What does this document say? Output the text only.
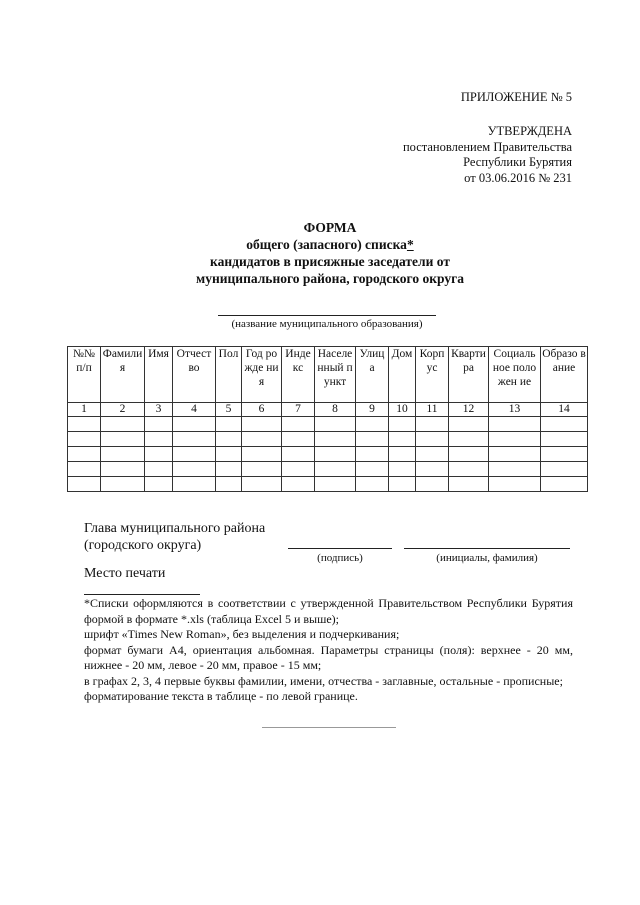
ПРИЛОЖЕНИЕ № 5
УТВЕРЖДЕНА
постановлением Правительства
Республики Бурятия
от 03.06.2016 № 231
ФОРМА
общего (запасного) списка*
кандидатов в присяжные заседатели от
муниципального района, городского округа
(название муниципального образования)
№№ п/п	Фамили я	Имя	Отчест во	Пол	Год рожде ния	Инде кс	Населе нный пункт	Улиц а	Дом	Корп ус	Кварти ра	Социаль ное положен ие	Образо вание
1	2	3	4	5	6	7	8	9	10	11	12	13	14

Глава муниципального района
(городского округа)
(подпись)	(инициалы, фамилия)
Место печати

*Списки оформляются в соответствии с утвержденной Правительством Республики Бурятия формой в формате *.xls (таблица Excel 5 и выше);

шрифт «Times New Roman», без выделения и подчеркивания;

формат бумаги А4, ориентация альбомная. Параметры страницы (поля): верхнее - 20 мм, нижнее - 20 мм, левое - 20 мм, правое - 15 мм;

в графах 2, 3, 4 первые буквы фамилии, имени, отчества - заглавные, остальные - прописные;

форматирование текста в таблице - по левой границе.
